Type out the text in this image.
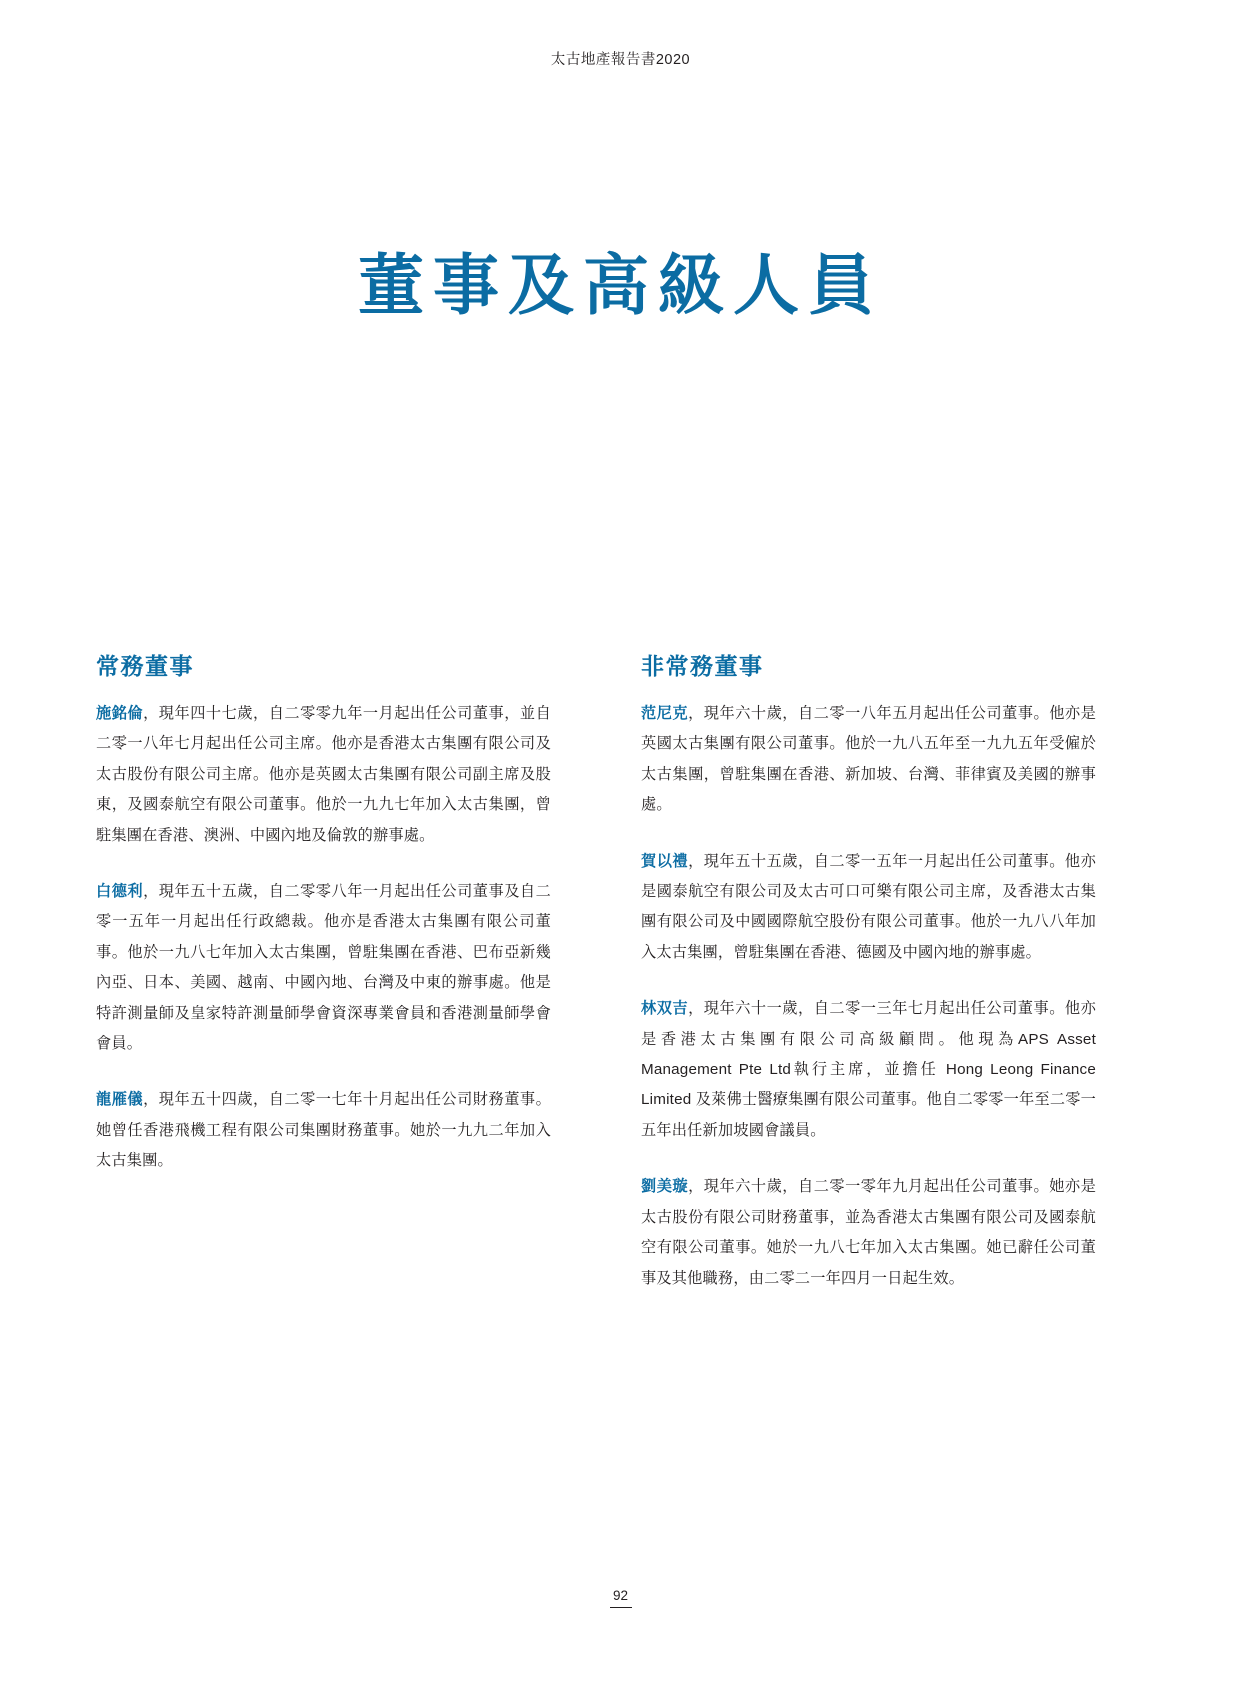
太古地產報告書2020
董事及高級人員
常務董事

施銘倫，現年四十七歲，自二零零九年一月起出任公司董事，並自二零一八年七月起出任公司主席。他亦是香港太古集團有限公司及太古股份有限公司主席。他亦是英國太古集團有限公司副主席及股東，及國泰航空有限公司董事。他於一九九七年加入太古集團，曾駐集團在香港、澳洲、中國內地及倫敦的辦事處。

白德利，現年五十五歲，自二零零八年一月起出任公司董事及自二零一五年一月起出任行政總裁。他亦是香港太古集團有限公司董事。他於一九八七年加入太古集團，曾駐集團在香港、巴布亞新幾內亞、日本、美國、越南、中國內地、台灣及中東的辦事處。他是特許測量師及皇家特許測量師學會資深專業會員和香港測量師學會會員。

龍雁儀，現年五十四歲，自二零一七年十月起出任公司財務董事。她曾任香港飛機工程有限公司集團財務董事。她於一九九二年加入太古集團。

非常務董事

范尼克，現年六十歲，自二零一八年五月起出任公司董事。他亦是英國太古集團有限公司董事。他於一九八五年至一九九五年受僱於太古集團，曾駐集團在香港、新加坡、台灣、菲律賓及美國的辦事處。

賀以禮，現年五十五歲，自二零一五年一月起出任公司董事。他亦是國泰航空有限公司及太古可口可樂有限公司主席，及香港太古集團有限公司及中國國際航空股份有限公司董事。他於一九八八年加入太古集團，曾駐集團在香港、德國及中國內地的辦事處。

林双吉，現年六十一歲，自二零一三年七月起出任公司董事。他亦是香港太古集團有限公司高級顧問。他現為APS Asset Management Pte Ltd執行主席，並擔任 Hong Leong Finance Limited 及萊佛士醫療集團有限公司董事。他自二零零一年至二零一五年出任新加坡國會議員。

劉美璇，現年六十歲，自二零一零年九月起出任公司董事。她亦是太古股份有限公司財務董事，並為香港太古集團有限公司及國泰航空有限公司董事。她於一九八七年加入太古集團。她已辭任公司董事及其他職務，由二零二一年四月一日起生效。

92
